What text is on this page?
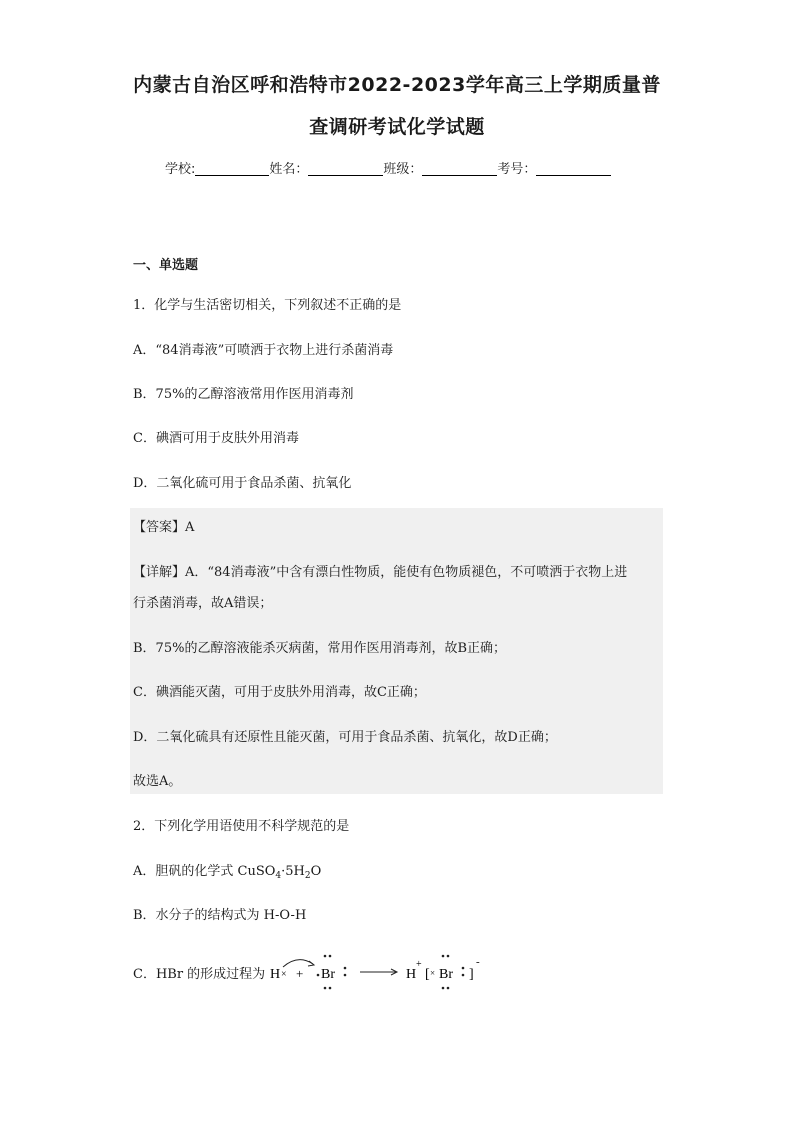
内蒙古自治区呼和浩特市2022-2023学年高三上学期质量普
查调研考试化学试题
学校:	姓名：	班级：	考号：
一、单选题
1．化学与生活密切相关，下列叙述不正确的是
A．“84消毒液”可喷洒于衣物上进行杀菌消毒
B．75%的乙醇溶液常用作医用消毒剂
C．碘酒可用于皮肤外用消毒
D．二氧化硫可用于食品杀菌、抗氧化
【答案】A
【详解】A．“84消毒液”中含有漂白性物质，能使有色物质褪色，不可喷洒于衣物上进
行杀菌消毒，故A错误；
B．75%的乙醇溶液能杀灭病菌，常用作医用消毒剂，故B正确；
C．碘酒能灭菌，可用于皮肤外用消毒，故C正确；
D．二氧化硫具有还原性且能灭菌，可用于食品杀菌、抗氧化，故D正确；
故选A。
2．下列化学用语使用不科学规范的是
A．胆矾的化学式 $CuSO_4\cdot 5H_2O$
B．水分子的结构式为 H-O-H
C．HBr 的形成过程为 H × + Br	H
+
[ × Br ]
-
